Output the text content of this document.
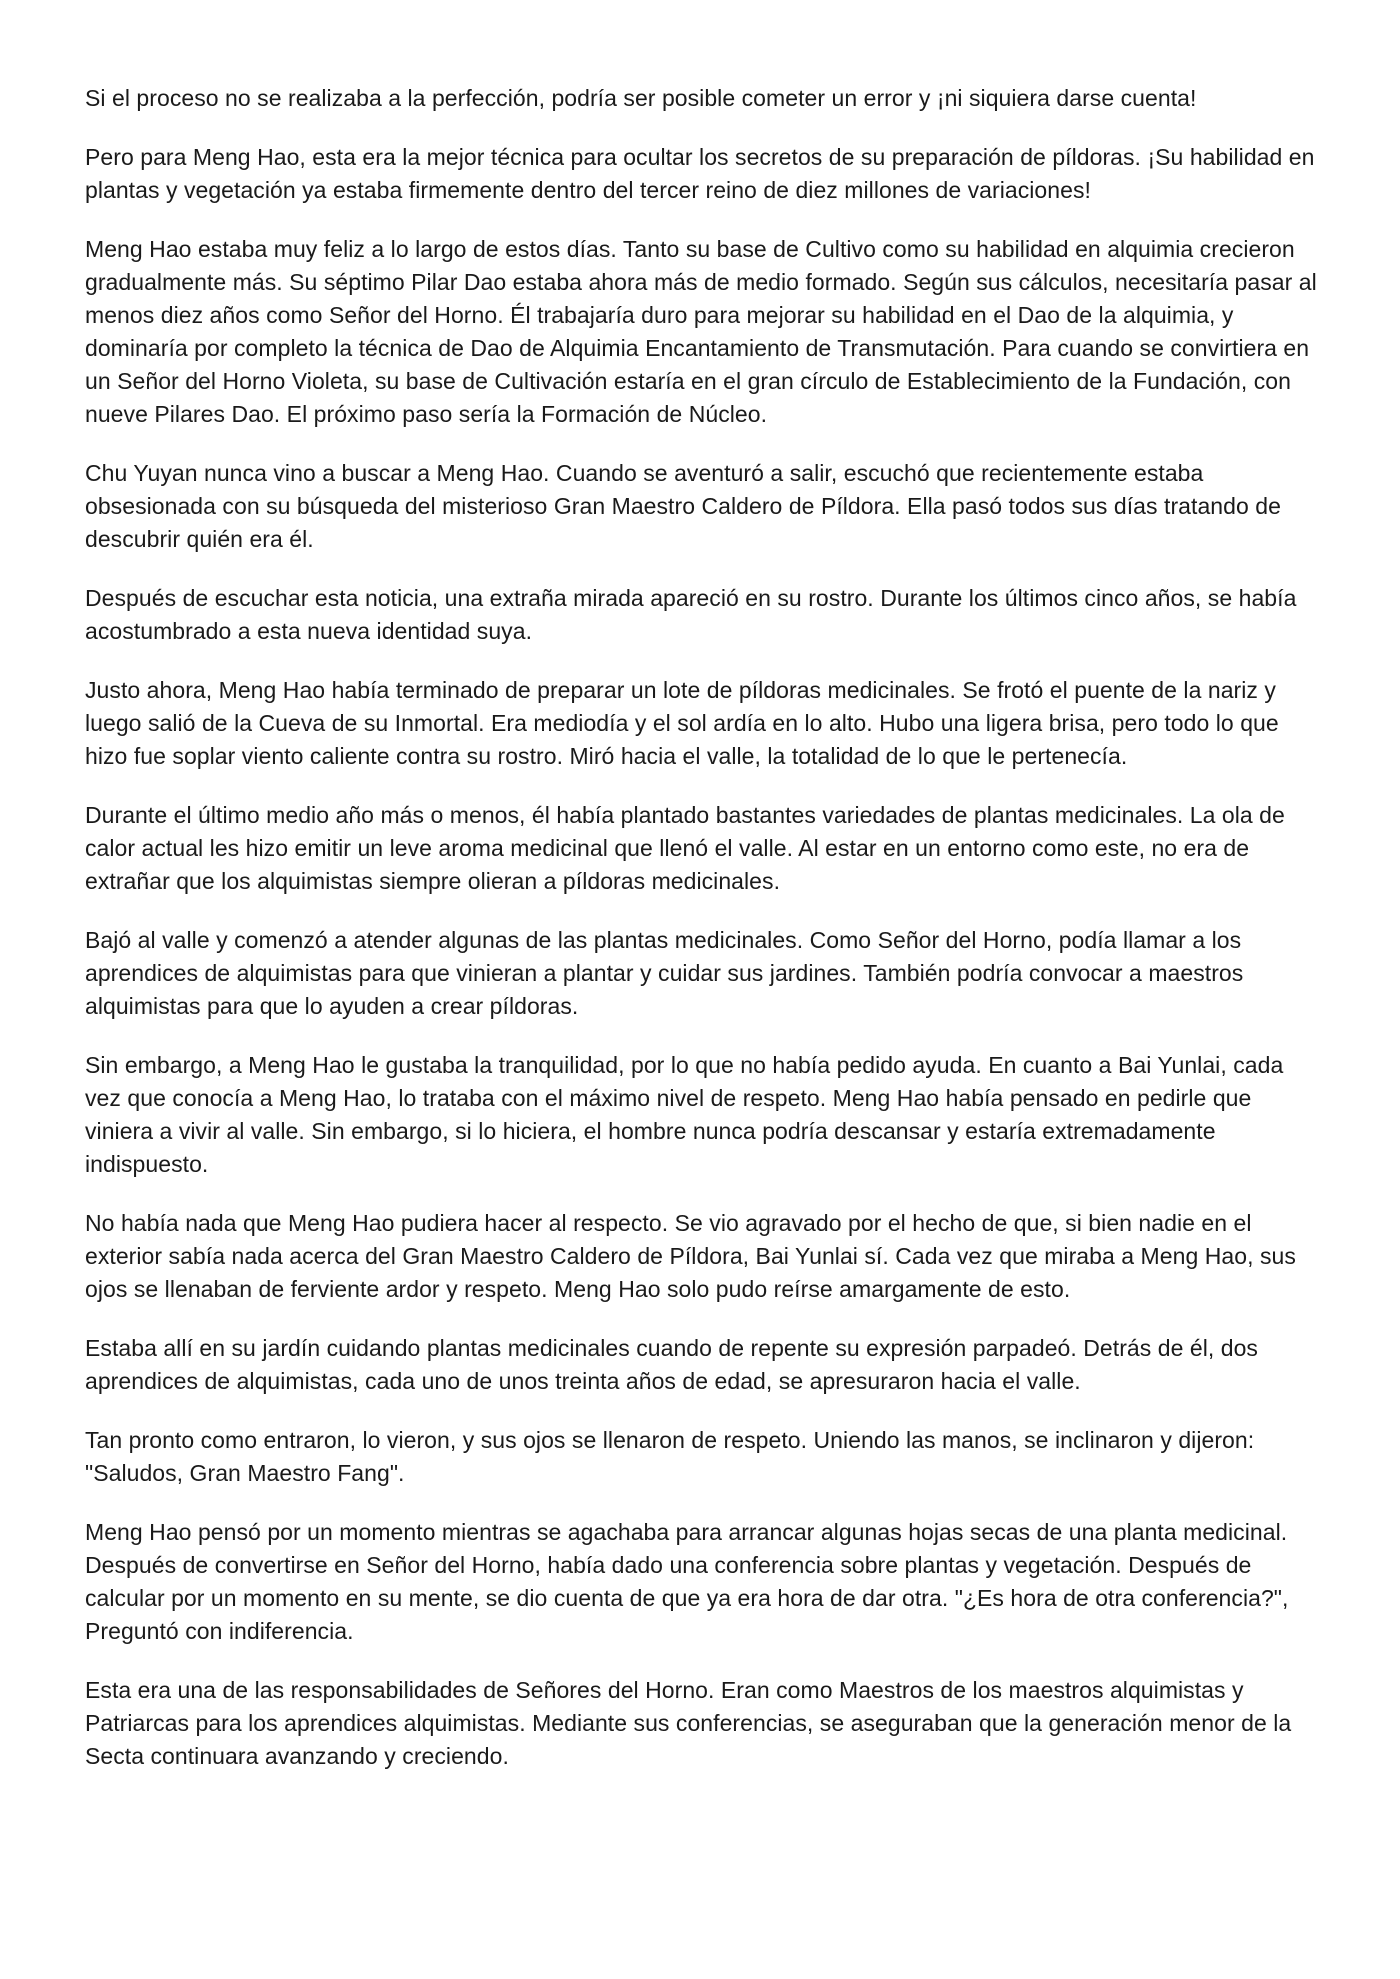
Si el proceso no se realizaba a la perfección, podría ser posible cometer un error y ¡ni siquiera darse cuenta!

Pero para Meng Hao, esta era la mejor técnica para ocultar los secretos de su preparación de píldoras. ¡Su habilidad en plantas y vegetación ya estaba firmemente dentro del tercer reino de diez millones de variaciones!

Meng Hao estaba muy feliz a lo largo de estos días. Tanto su base de Cultivo como su habilidad en alquimia crecieron gradualmente más. Su séptimo Pilar Dao estaba ahora más de medio formado. Según sus cálculos, necesitaría pasar al menos diez años como Señor del Horno. Él trabajaría duro para mejorar su habilidad en el Dao de la alquimia, y dominaría por completo la técnica de Dao de Alquimia Encantamiento de Transmutación. Para cuando se convirtiera en un Señor del Horno Violeta, su base de Cultivación estaría en el gran círculo de Establecimiento de la Fundación, con nueve Pilares Dao. El próximo paso sería la Formación de Núcleo.

Chu Yuyan nunca vino a buscar a Meng Hao. Cuando se aventuró a salir, escuchó que recientemente estaba obsesionada con su búsqueda del misterioso Gran Maestro Caldero de Píldora. Ella pasó todos sus días tratando de descubrir quién era él.

Después de escuchar esta noticia, una extraña mirada apareció en su rostro. Durante los últimos cinco años, se había acostumbrado a esta nueva identidad suya.

Justo ahora, Meng Hao había terminado de preparar un lote de píldoras medicinales. Se frotó el puente de la nariz y luego salió de la Cueva de su Inmortal. Era mediodía y el sol ardía en lo alto. Hubo una ligera brisa, pero todo lo que hizo fue soplar viento caliente contra su rostro. Miró hacia el valle, la totalidad de lo que le pertenecía.

Durante el último medio año más o menos, él había plantado bastantes variedades de plantas medicinales. La ola de calor actual les hizo emitir un leve aroma medicinal que llenó el valle. Al estar en un entorno como este, no era de extrañar que los alquimistas siempre olieran a píldoras medicinales.

Bajó al valle y comenzó a atender algunas de las plantas medicinales. Como Señor del Horno, podía llamar a los aprendices de alquimistas para que vinieran a plantar y cuidar sus jardines. También podría convocar a maestros alquimistas para que lo ayuden a crear píldoras.

Sin embargo, a Meng Hao le gustaba la tranquilidad, por lo que no había pedido ayuda. En cuanto a Bai Yunlai, cada vez que conocía a Meng Hao, lo trataba con el máximo nivel de respeto. Meng Hao había pensado en pedirle que viniera a vivir al valle. Sin embargo, si lo hiciera, el hombre nunca podría descansar y estaría extremadamente indispuesto.

No había nada que Meng Hao pudiera hacer al respecto. Se vio agravado por el hecho de que, si bien nadie en el exterior sabía nada acerca del Gran Maestro Caldero de Píldora, Bai Yunlai sí. Cada vez que miraba a Meng Hao, sus ojos se llenaban de ferviente ardor y respeto. Meng Hao solo pudo reírse amargamente de esto.

Estaba allí en su jardín cuidando plantas medicinales cuando de repente su expresión parpadeó. Detrás de él, dos aprendices de alquimistas, cada uno de unos treinta años de edad, se apresuraron hacia el valle.

Tan pronto como entraron, lo vieron, y sus ojos se llenaron de respeto. Uniendo las manos, se inclinaron y dijeron: "Saludos, Gran Maestro Fang".

Meng Hao pensó por un momento mientras se agachaba para arrancar algunas hojas secas de una planta medicinal. Después de convertirse en Señor del Horno, había dado una conferencia sobre plantas y vegetación. Después de calcular por un momento en su mente, se dio cuenta de que ya era hora de dar otra. "¿Es hora de otra conferencia?", Preguntó con indiferencia.

Esta era una de las responsabilidades de Señores del Horno. Eran como Maestros de los maestros alquimistas y Patriarcas para los aprendices alquimistas. Mediante sus conferencias, se aseguraban que la generación menor de la Secta continuara avanzando y creciendo.
